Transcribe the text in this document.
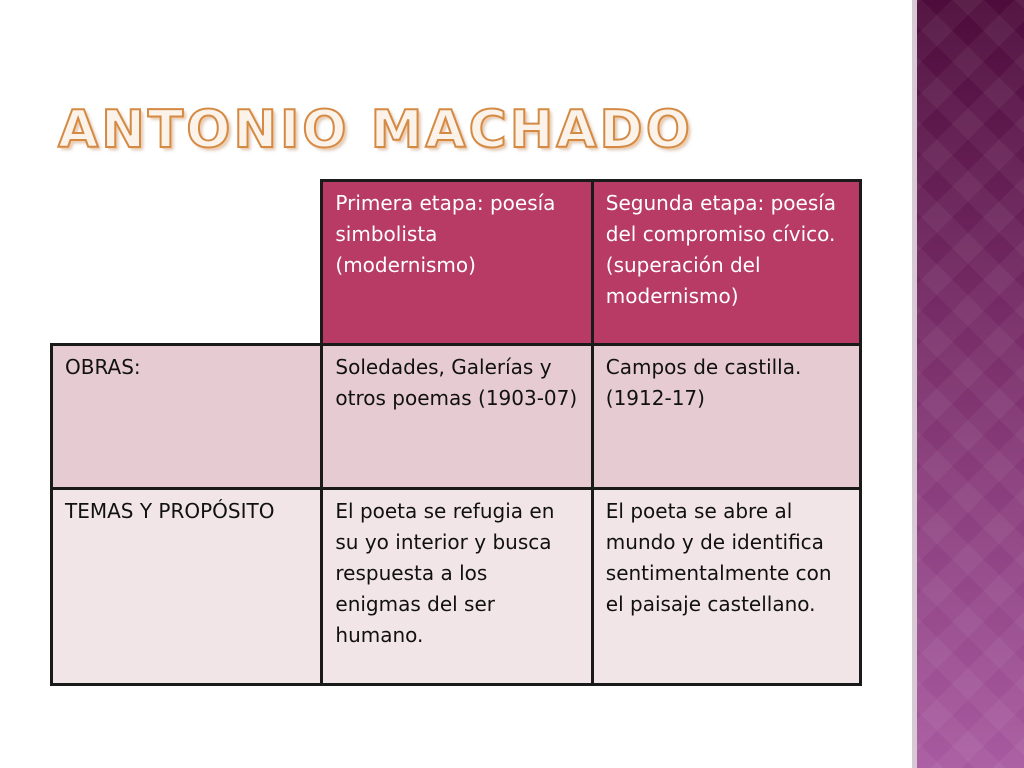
ANTONIO MACHADO
	Primera etapa: poesía simbolista (modernismo)	Segunda etapa: poesía del compromiso cívico. (superación del modernismo)
OBRAS:	Soledades, Galerías y otros poemas (1903-07)	Campos de castilla. (1912-17)
TEMAS Y PROPÓSITO	El poeta se refugia en su yo interior y busca respuesta a los enigmas del ser humano.	El poeta se abre al mundo y de identifica sentimentalmente con el paisaje castellano.
